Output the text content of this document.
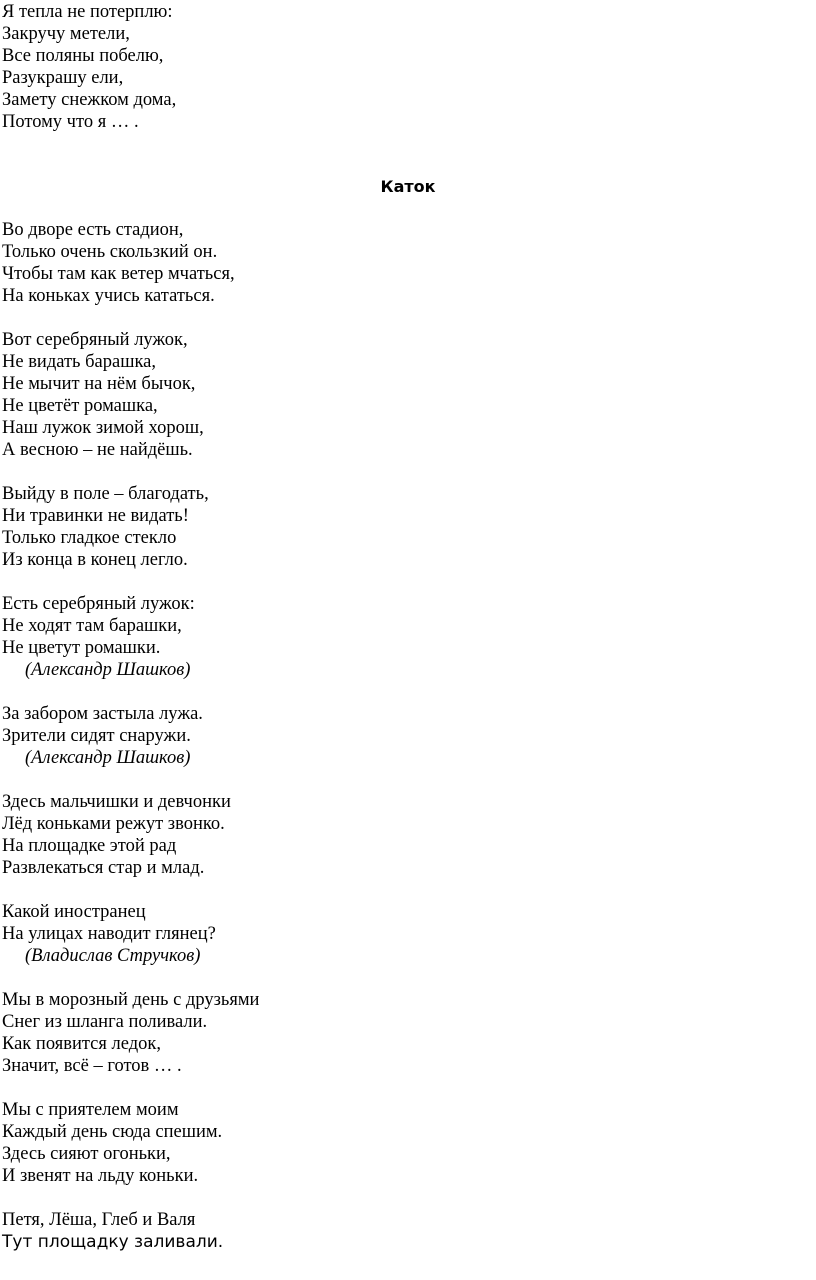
Я тепла не потерплю:

Закручу метели,

Все поляны побелю,

Разукрашу ели,

Замету снежком дома,

Потому что я … .

Каток

Во дворе есть стадион,

Только очень скользкий он.

Чтобы там как ветер мчаться,

На коньках учись кататься.

Вот серебряный лужок,

Не видать барашка,

Не мычит на нём бычок,

Не цветёт ромашка,

Наш лужок зимой хорош,

А весною – не найдёшь.

Выйду в поле – благодать,

Ни травинки не видать!

Только гладкое стекло

Из конца в конец легло.

Есть серебряный лужок:

Не ходят там барашки,

Не цветут ромашки.

(Александр Шашков)

За забором застыла лужа.

Зрители сидят снаружи.

(Александр Шашков)

Здесь мальчишки и девчонки

Лёд коньками режут звонко.

На площадке этой рад

Развлекаться стар и млад.

Какой иностранец

На улицах наводит глянец?

(Владислав Стручков)

Мы в морозный день с друзьями

Снег из шланга поливали.

Как появится ледок,

Значит, всё – готов … .

Мы с приятелем моим

Каждый день сюда спешим.

Здесь сияют огоньки,

И звенят на льду коньки.

Петя, Лёша, Глеб и Валя

Тут площадку заливали.
